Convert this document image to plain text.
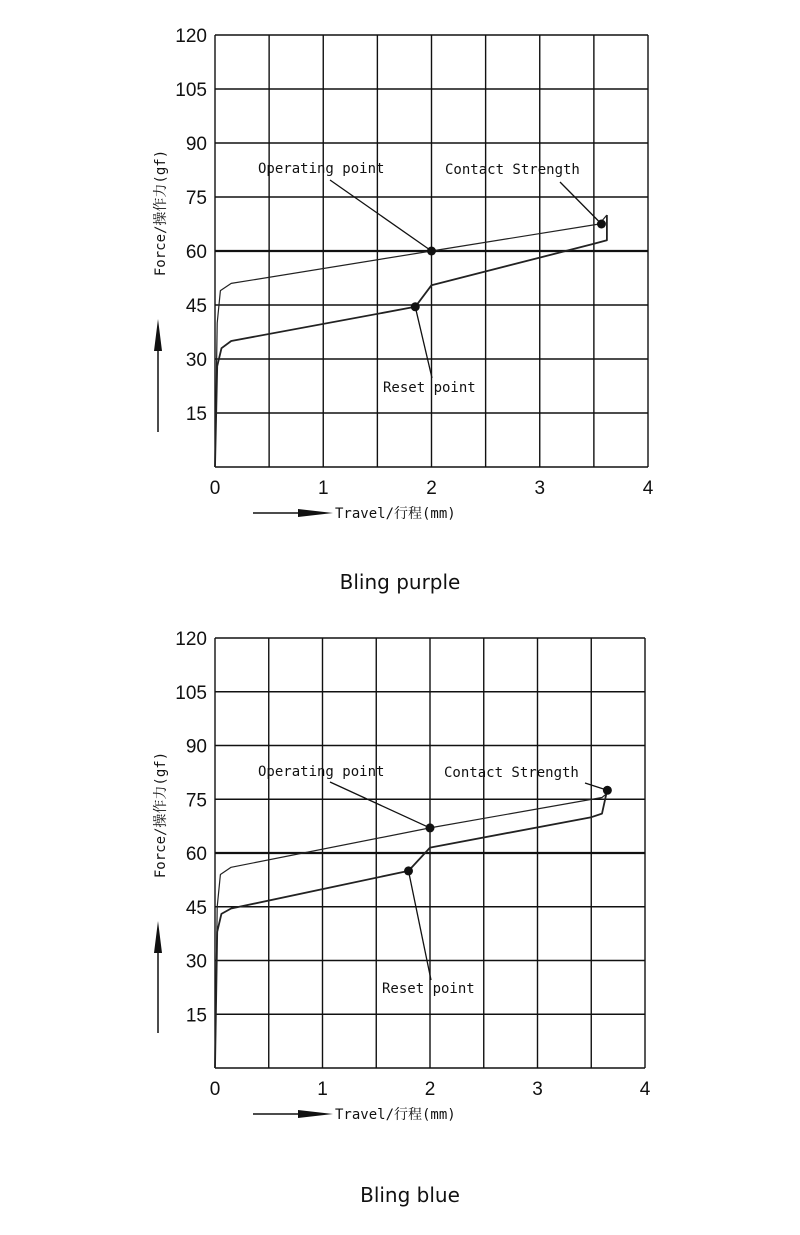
0	1	2	3	4
15
30
45
60
75
90
105
120
Travel/行程(mm)
Force/操作力(gf)	Operating point	Contact Strength
Reset point
Bling purple
0	1	2	3	4
15
30
45
60
75
90
105
120
Travel/行程(mm)
Force/操作力(gf)	Operating point	Contact Strength
Reset point
Bling blue
